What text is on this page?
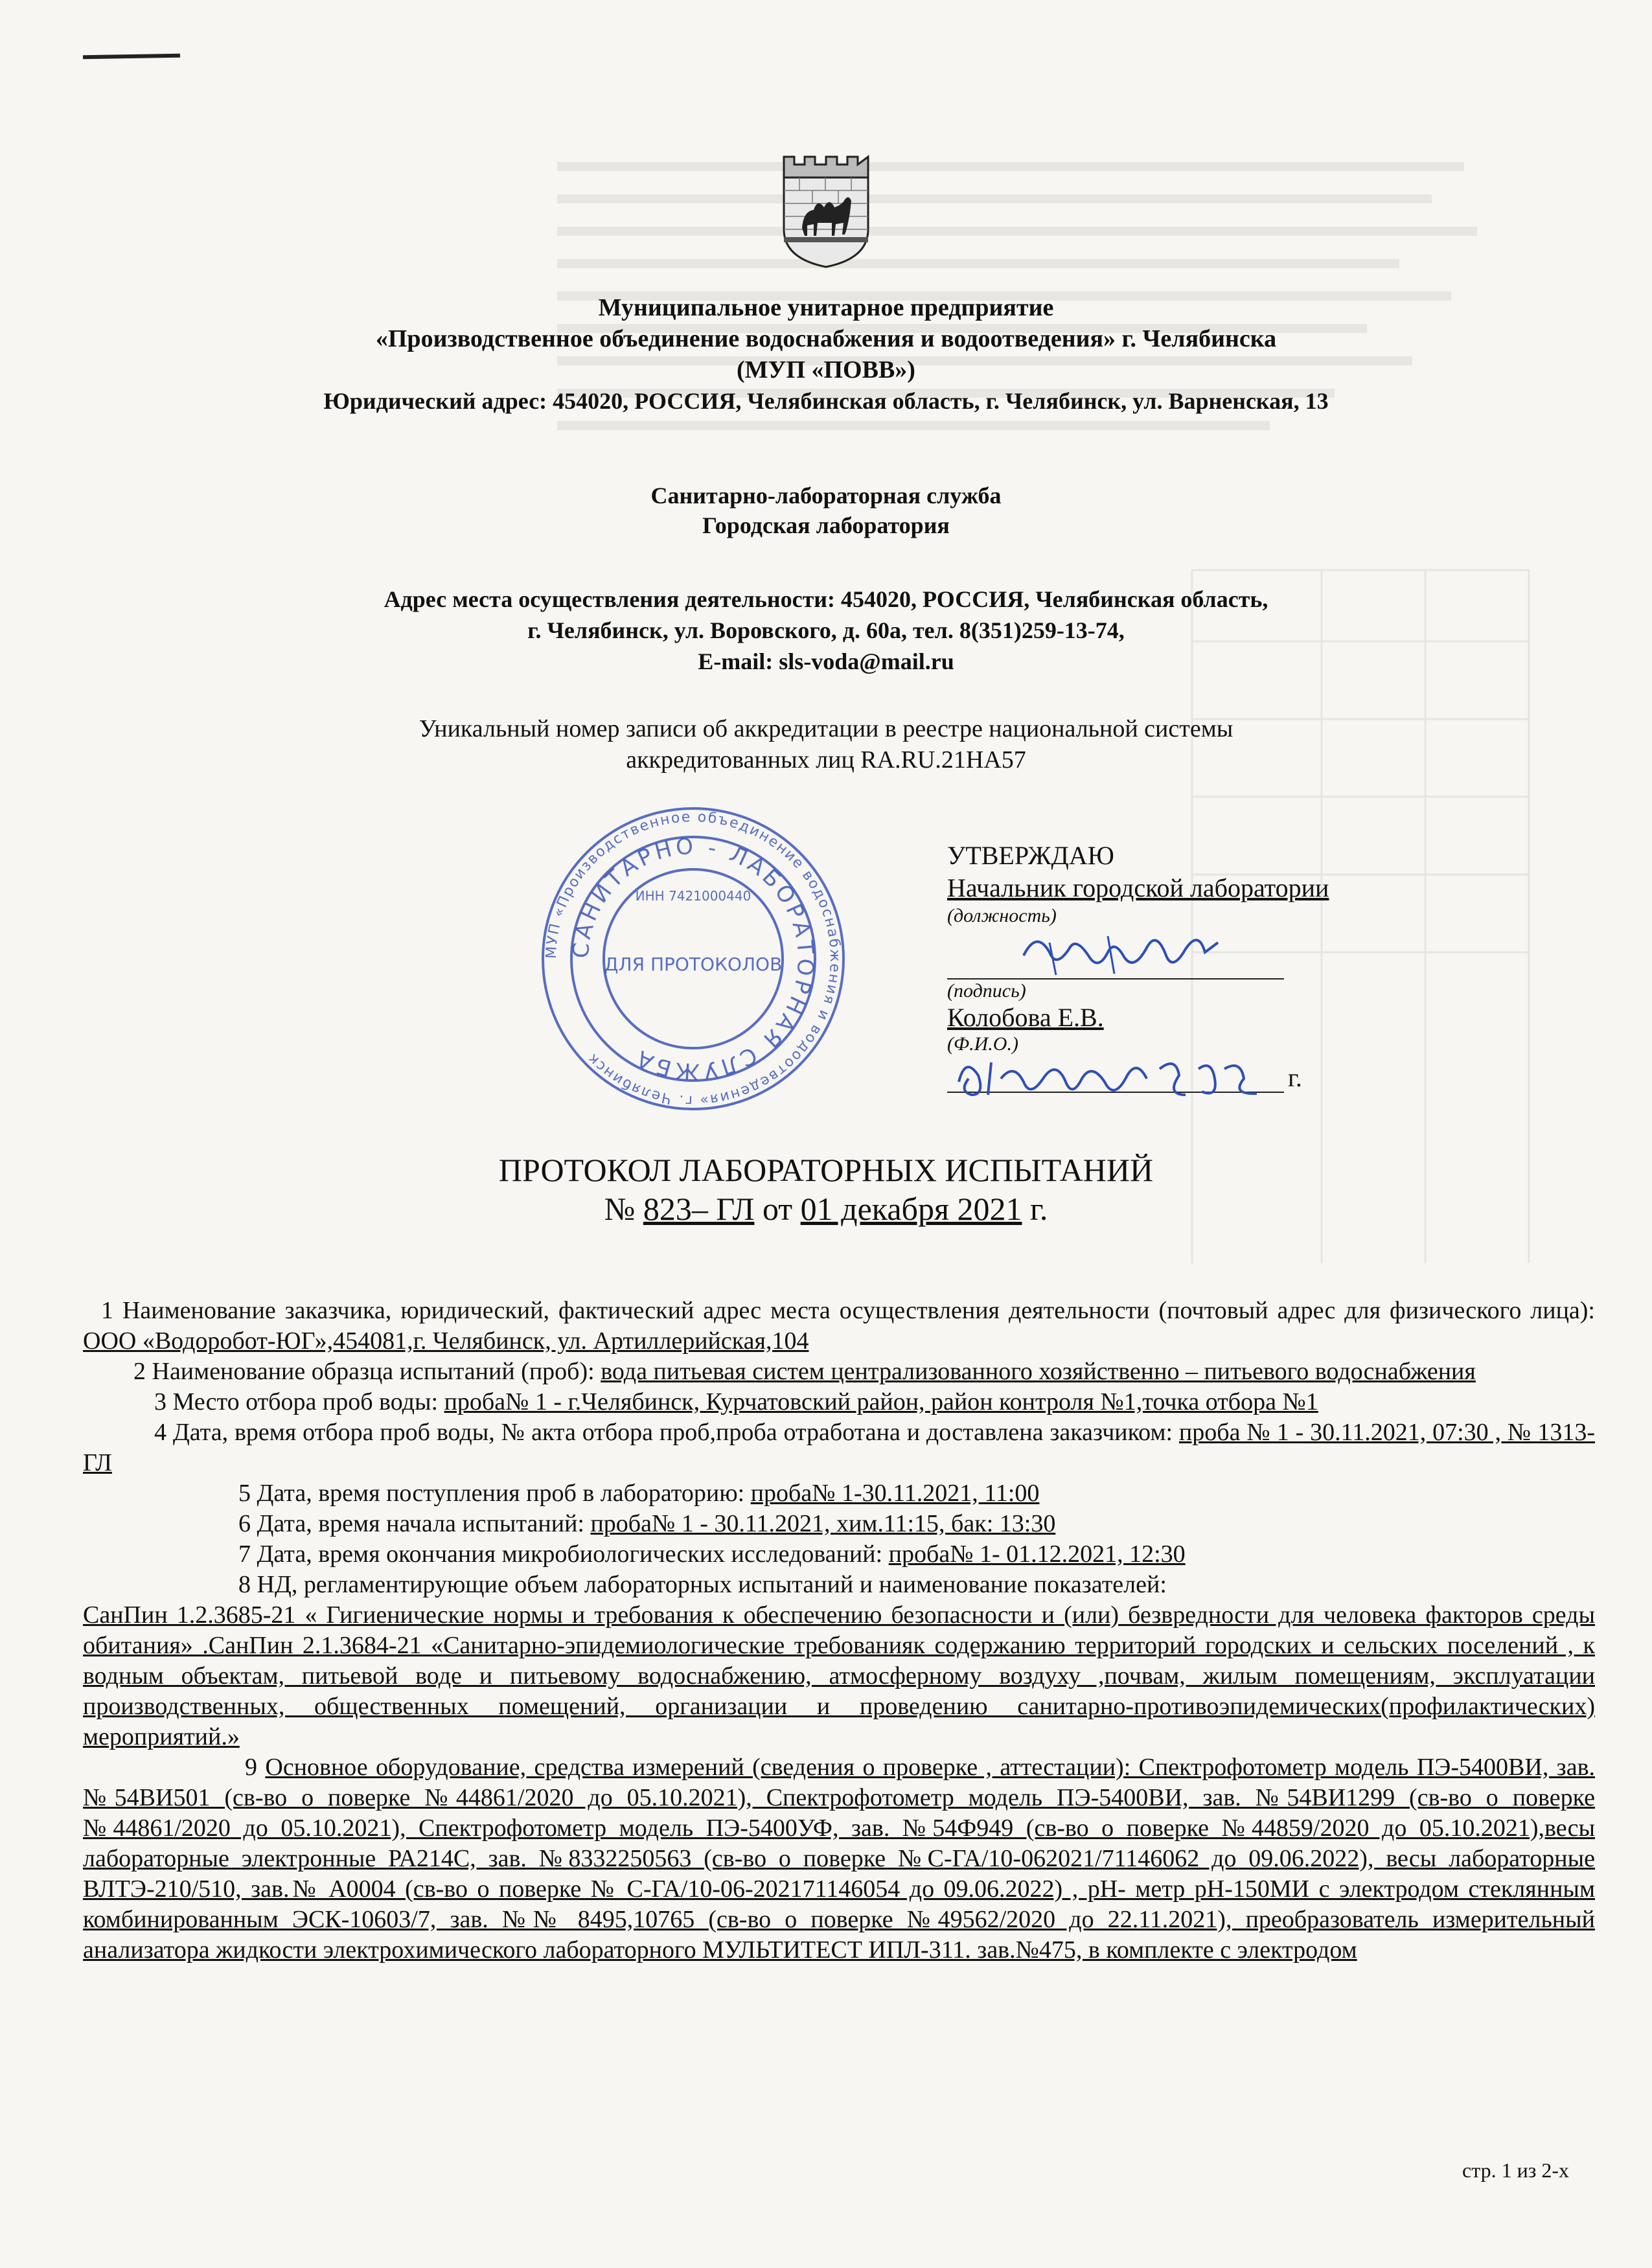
Муниципальное унитарное предприятие
«Производственное объединение водоснабжения и водоотведения» г. Челябинска
(МУП «ПОВВ»)
Юридический адрес: 454020, РОССИЯ, Челябинская область, г. Челябинск, ул. Варненская, 13
Санитарно-лабораторная служба
Городская лаборатория
Адрес места осуществления деятельности: 454020, РОССИЯ, Челябинская область,
г. Челябинск, ул. Воровского, д. 60а, тел. 8(351)259-13-74,
E-mail: sls-voda@mail.ru
Уникальный номер записи об аккредитации в реестре национальной системы
аккредитованных лиц RA.RU.21HA57
МУП «Производственное объединение водоснабжения и водоотведения» г. Челябинск
САНИТАРНО - ЛАБОРАТОРНАЯ СЛУЖБА
ИНН 7421000440
ДЛЯ ПРОТОКОЛОВ
УТВЕРЖДАЮ
Начальник городской лаборатории
(должность)
(подпись)
Колобова Е.В.
(Ф.И.О.)
г.
ПРОТОКОЛ ЛАБОРАТОРНЫХ ИСПЫТАНИЙ
№ 823– ГЛ от 01 декабря 2021 г.

1 Наименование заказчика, юридический, фактический адрес места осуществления деятельности (почтовый адрес для физического лица): ООО «Водоробот-ЮГ»,454081,г. Челябинск, ул. Артиллерийская,104

2 Наименование образца испытаний (проб): вода питьевая систем централизованного хозяйственно – питьевого водоснабжения

3 Место отбора проб воды: проба№ 1 - г.Челябинск, Курчатовский район, район контроля №1,точка отбора №1

4 Дата, время отбора проб воды, № акта отбора проб,проба отработана и доставлена заказчиком: проба № 1 - 30.11.2021, 07:30 , № 1313-ГЛ

5 Дата, время поступления проб в лабораторию: проба№ 1-30.11.2021, 11:00

6 Дата, время начала испытаний: проба№ 1 - 30.11.2021, хим.11:15, бак: 13:30

7 Дата, время окончания микробиологических исследований: проба№ 1- 01.12.2021, 12:30

8 НД, регламентирующие объем лабораторных испытаний и наименование показателей:

СанПин 1.2.3685-21 « Гигиенические нормы и требования к обеспечению безопасности и (или) безвредности для человека факторов среды обитания» .СанПин 2.1.3684-21 «Санитарно-эпидемиологические требованияк содержанию территорий городских и сельских поселений , к водным объектам, питьевой воде и питьевому водоснабжению, атмосферному воздуху ,почвам, жилым помещениям, эксплуатации производственных, общественных помещений, организации и проведению санитарно-противоэпидемических(профилактических) мероприятий.»

9 Основное оборудование, средства измерений (сведения о проверке , аттестации): Спектрофотометр модель ПЭ-5400ВИ, зав. №54ВИ501 (св-во о поверке №44861/2020 до 05.10.2021), Спектрофотометр модель ПЭ-5400ВИ, зав. №54ВИ1299 (св-во о поверке №44861/2020 до 05.10.2021), Спектрофотометр модель ПЭ-5400УФ, зав. №54Ф949 (св-во о поверке №44859/2020 до 05.10.2021),весы лабораторные электронные РА214С, зав. №8332250563 (св-во о поверке №С-ГА/10-062021/71146062 до 09.06.2022), весы лабораторные ВЛТЭ-210/510, зав.№ А0004 (св-во о поверке № С-ГА/10-06-202171146054 до 09.06.2022) , рН- метр рН-150МИ с электродом стеклянным комбинированным ЭСК-10603/7, зав. №№ 8495,10765 (св-во о поверке №49562/2020 до 22.11.2021), преобразователь измерительный анализатора жидкости электрохимического лабораторного МУЛЬТИТЕСТ ИПЛ-311. зав.№475, в комплекте с электродом

стр. 1 из 2-х
